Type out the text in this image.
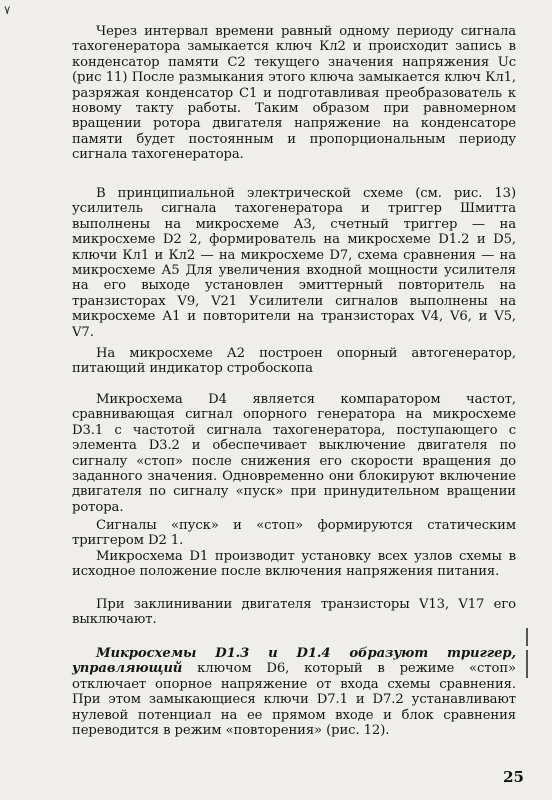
٧

Через интервал времени равный одному периоду сигнала тахогенератора замыкается ключ Кл2 и происходит запись в конденсатор памяти С2 текущего значения напряжения Uс (рис 11) После размыкания этого ключа замыкается ключ Кл1, разряжая конденсатор С1 и подготавливая преобразователь к новому такту работы. Таким образом при равномерном вращении ротора двигателя напряжение на конденсаторе памяти будет постоянным и пропорциональным периоду сигнала тахогенератора.

В принципиальной электрической схеме (см. рис. 13) усилитель сигнала тахогенератора и триггер Шмитта выполнены на микросхеме А3, счетный триггер — на микросхеме D2 2, формирователь на микросхеме D1.2 и D5, ключи Кл1 и Кл2 — на микросхеме D7, схема сравнения — на микросхеме А5 Для увеличения входной мощности усилителя на его выходе установлен эмиттерный повторитель на транзисторах V9, V21 Усилители сигналов выполнены на микросхеме А1 и повторители на транзисторах V4, V6, и V5, V7.

На микросхеме А2 построен опорный автогенератор, питающий индикатор стробоскопа

Микросхема D4 является компаратором частот, сравнивающая сигнал опорного генератора на микросхеме D3.1 с частотой сигнала тахогенератора, поступающего с элемента D3.2 и обеспечивает выключение двигателя по сигналу «стоп» после снижения его скорости вращения до заданного значения. Одновременно они блокируют включение двигателя по сигналу «пуск» при принудительном вращении ротора.

Сигналы «пуск» и «стоп» формируются статическим триггером D2 1.

Микросхема D1 производит установку всех узлов схемы в исходное положение после включения напряжения питания.

При заклинивании двигателя транзисторы V13, V17 его выключают.

Микросхемы D1.3 и D1.4 образуют триггер, управляющий ключом D6, который в режиме «стоп» отключает опорное напряжение от входа схемы сравнения. При этом замыкающиеся ключи D7.1 и D7.2 устанавливают нулевой потенциал на ее прямом входе и блок сравнения переводится в режим «повторения» (рис. 12).

25
